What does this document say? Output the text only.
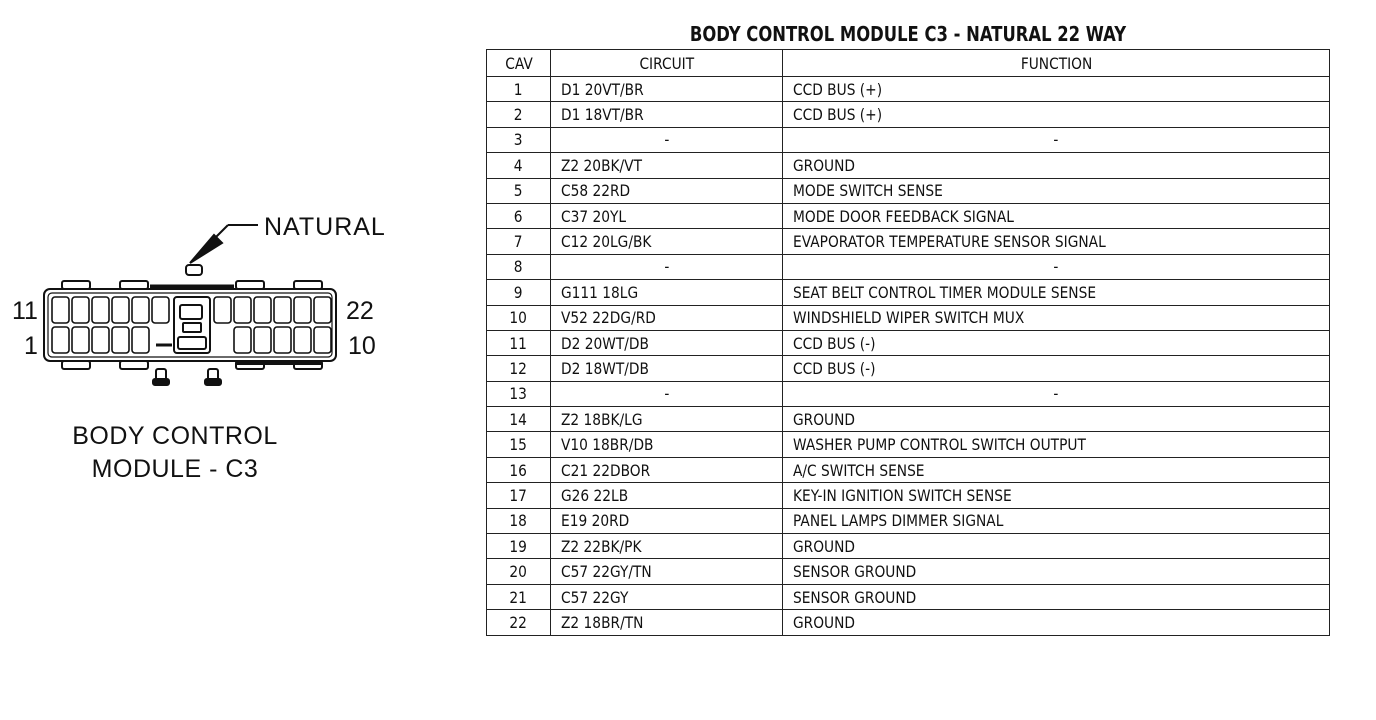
NATURAL
11	22
1	10
BODY CONTROL
MODULE - C3
BODY CONTROL MODULE C3 - NATURAL 22 WAY
CAV	CIRCUIT	FUNCTION
1	D1 20VT/BR	CCD BUS (+)
2	D1 18VT/BR	CCD BUS (+)
3	-	-
4	Z2 20BK/VT	GROUND
5	C58 22RD	MODE SWITCH SENSE
6	C37 20YL	MODE DOOR FEEDBACK SIGNAL
7	C12 20LG/BK	EVAPORATOR TEMPERATURE SENSOR SIGNAL
8	-	-
9	G111 18LG	SEAT BELT CONTROL TIMER MODULE SENSE
10	V52 22DG/RD	WINDSHIELD WIPER SWITCH MUX
11	D2 20WT/DB	CCD BUS (-)
12	D2 18WT/DB	CCD BUS (-)
13	-	-
14	Z2 18BK/LG	GROUND
15	V10 18BR/DB	WASHER PUMP CONTROL SWITCH OUTPUT
16	C21 22DBOR	A/C SWITCH SENSE
17	G26 22LB	KEY-IN IGNITION SWITCH SENSE
18	E19 20RD	PANEL LAMPS DIMMER SIGNAL
19	Z2 22BK/PK	GROUND
20	C57 22GY/TN	SENSOR GROUND
21	C57 22GY	SENSOR GROUND
22	Z2 18BR/TN	GROUND
